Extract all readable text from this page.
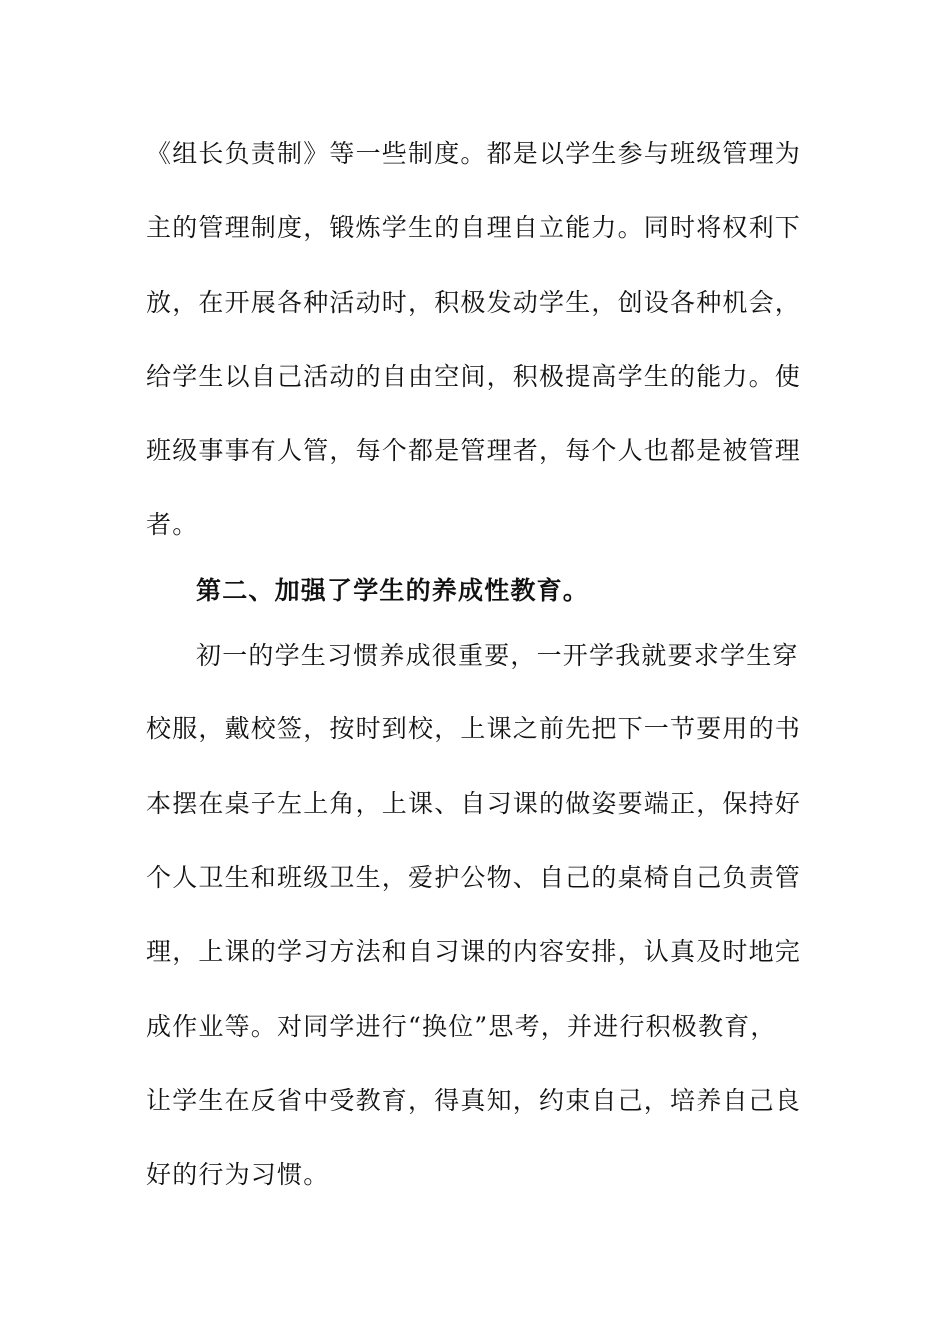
《组长负责制》等一些制度。都是以学生参与班级管理为
主的管理制度，锻炼学生的自理自立能力。同时将权利下
放，在开展各种活动时，积极发动学生，创设各种机会，
给学生以自己活动的自由空间，积极提高学生的能力。使
班级事事有人管，每个都是管理者，每个人也都是被管理
者。
第二、加强了学生的养成性教育。
初一的学生习惯养成很重要，一开学我就要求学生穿
校服，戴校签，按时到校，上课之前先把下一节要用的书
本摆在桌子左上角，上课、自习课的做姿要端正，保持好
个人卫生和班级卫生，爱护公物、自己的桌椅自己负责管
理，上课的学习方法和自习课的内容安排，认真及时地完
成作业等。对同学进行“换位”思考，并进行积极教育，
让学生在反省中受教育，得真知，约束自己，培养自己良
好的行为习惯。
